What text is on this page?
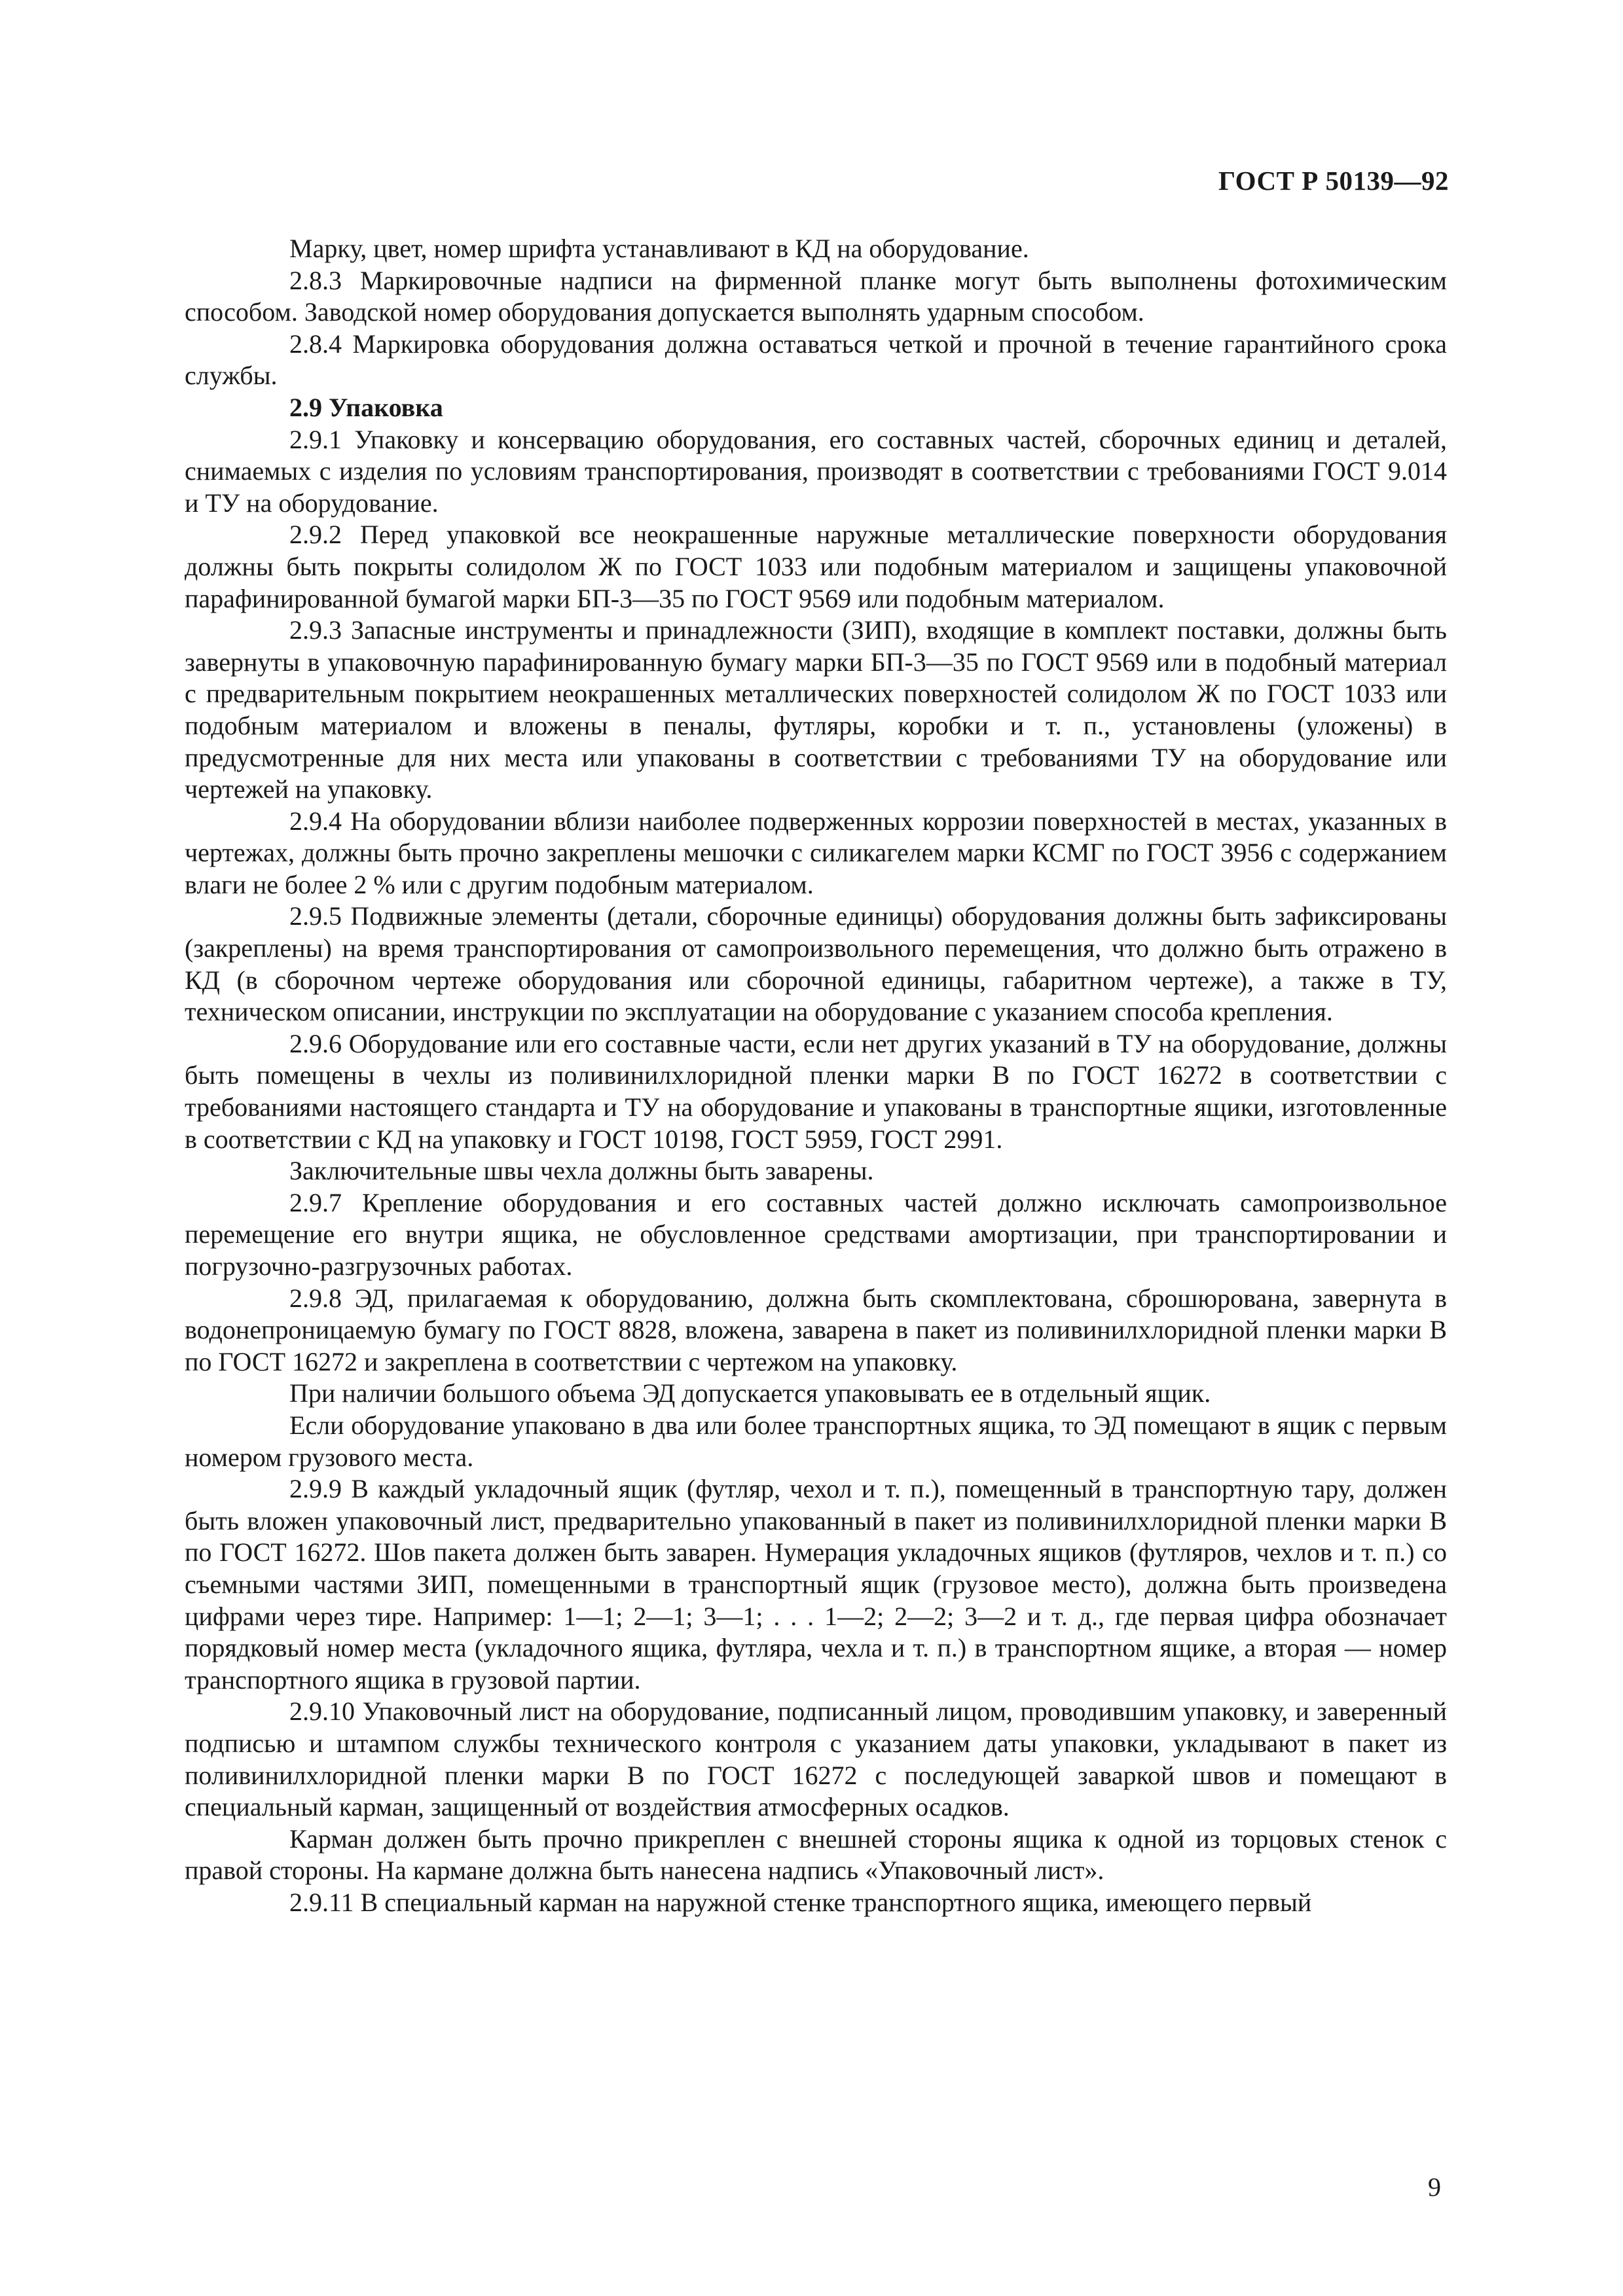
ГОСТ Р 50139—92

Марку, цвет, номер шрифта устанавливают в КД на оборудование.

2.8.3 Маркировочные надписи на фирменной планке могут быть выполнены фотохимическим способом. Заводской номер оборудования допускается выполнять ударным способом.

2.8.4 Маркировка оборудования должна оставаться четкой и прочной в течение гарантийного срока службы.

2.9 Упаковка

2.9.1 Упаковку и консервацию оборудования, его составных частей, сборочных единиц и деталей, снимаемых с изделия по условиям транспортирования, производят в соответствии с требованиями ГОСТ 9.014 и ТУ на оборудование.

2.9.2 Перед упаковкой все неокрашенные наружные металлические поверхности оборудования должны быть покрыты солидолом Ж по ГОСТ 1033 или подобным материалом и защищены упаковочной парафинированной бумагой марки БП-3—35 по ГОСТ 9569 или подобным материалом.

2.9.3 Запасные инструменты и принадлежности (ЗИП), входящие в комплект поставки, должны быть завернуты в упаковочную парафинированную бумагу марки БП-3—35 по ГОСТ 9569 или в подобный материал с предварительным покрытием неокрашенных металлических поверхностей солидолом Ж по ГОСТ 1033 или подобным материалом и вложены в пеналы, футляры, коробки и т. п., установлены (уложены) в предусмотренные для них места или упакованы в соответствии с требованиями ТУ на оборудование или чертежей на упаковку.

2.9.4 На оборудовании вблизи наиболее подверженных коррозии поверхностей в местах, указанных в чертежах, должны быть прочно закреплены мешочки с силикагелем марки КСМГ по ГОСТ 3956 с содержанием влаги не более 2 % или с другим подобным материалом.

2.9.5 Подвижные элементы (детали, сборочные единицы) оборудования должны быть зафиксированы (закреплены) на время транспортирования от самопроизвольного перемещения, что должно быть отражено в КД (в сборочном чертеже оборудования или сборочной единицы, габаритном чертеже), а также в ТУ, техническом описании, инструкции по эксплуатации на оборудование с указанием способа крепления.

2.9.6 Оборудование или его составные части, если нет других указаний в ТУ на оборудование, должны быть помещены в чехлы из поливинилхлоридной пленки марки В по ГОСТ 16272 в соответствии с требованиями настоящего стандарта и ТУ на оборудование и упакованы в транспортные ящики, изготовленные в соответствии с КД на упаковку и ГОСТ 10198, ГОСТ 5959, ГОСТ 2991.

Заключительные швы чехла должны быть заварены.

2.9.7 Крепление оборудования и его составных частей должно исключать самопроизвольное перемещение его внутри ящика, не обусловленное средствами амортизации, при транспортировании и погрузочно-разгрузочных работах.

2.9.8 ЭД, прилагаемая к оборудованию, должна быть скомплектована, сброшюрована, завернута в водонепроницаемую бумагу по ГОСТ 8828, вложена, заварена в пакет из поливинилхлоридной пленки марки В по ГОСТ 16272 и закреплена в соответствии с чертежом на упаковку.

При наличии большого объема ЭД допускается упаковывать ее в отдельный ящик.

Если оборудование упаковано в два или более транспортных ящика, то ЭД помещают в ящик с первым номером грузового места.

2.9.9 В каждый укладочный ящик (футляр, чехол и т. п.), помещенный в транспортную тару, должен быть вложен упаковочный лист, предварительно упакованный в пакет из поливинилхлоридной пленки марки В по ГОСТ 16272. Шов пакета должен быть заварен. Нумерация укладочных ящиков (футляров, чехлов и т. п.) со съемными частями ЗИП, помещенными в транспортный ящик (грузовое место), должна быть произведена цифрами через тире. Например: 1—1; 2—1; 3—1; . . . 1—2; 2—2; 3—2 и т. д., где первая цифра обозначает порядковый номер места (укладочного ящика, футляра, чехла и т. п.) в транспортном ящике, а вторая — номер транспортного ящика в грузовой партии.

2.9.10 Упаковочный лист на оборудование, подписанный лицом, проводившим упаковку, и заверенный подписью и штампом службы технического контроля с указанием даты упаковки, укладывают в пакет из поливинилхлоридной пленки марки В по ГОСТ 16272 с последующей заваркой швов и помещают в специальный карман, защищенный от воздействия атмосферных осадков.

Карман должен быть прочно прикреплен с внешней стороны ящика к одной из торцовых стенок с правой стороны. На кармане должна быть нанесена надпись «Упаковочный лист».

2.9.11 В специальный карман на наружной стенке транспортного ящика, имеющего первый

9
